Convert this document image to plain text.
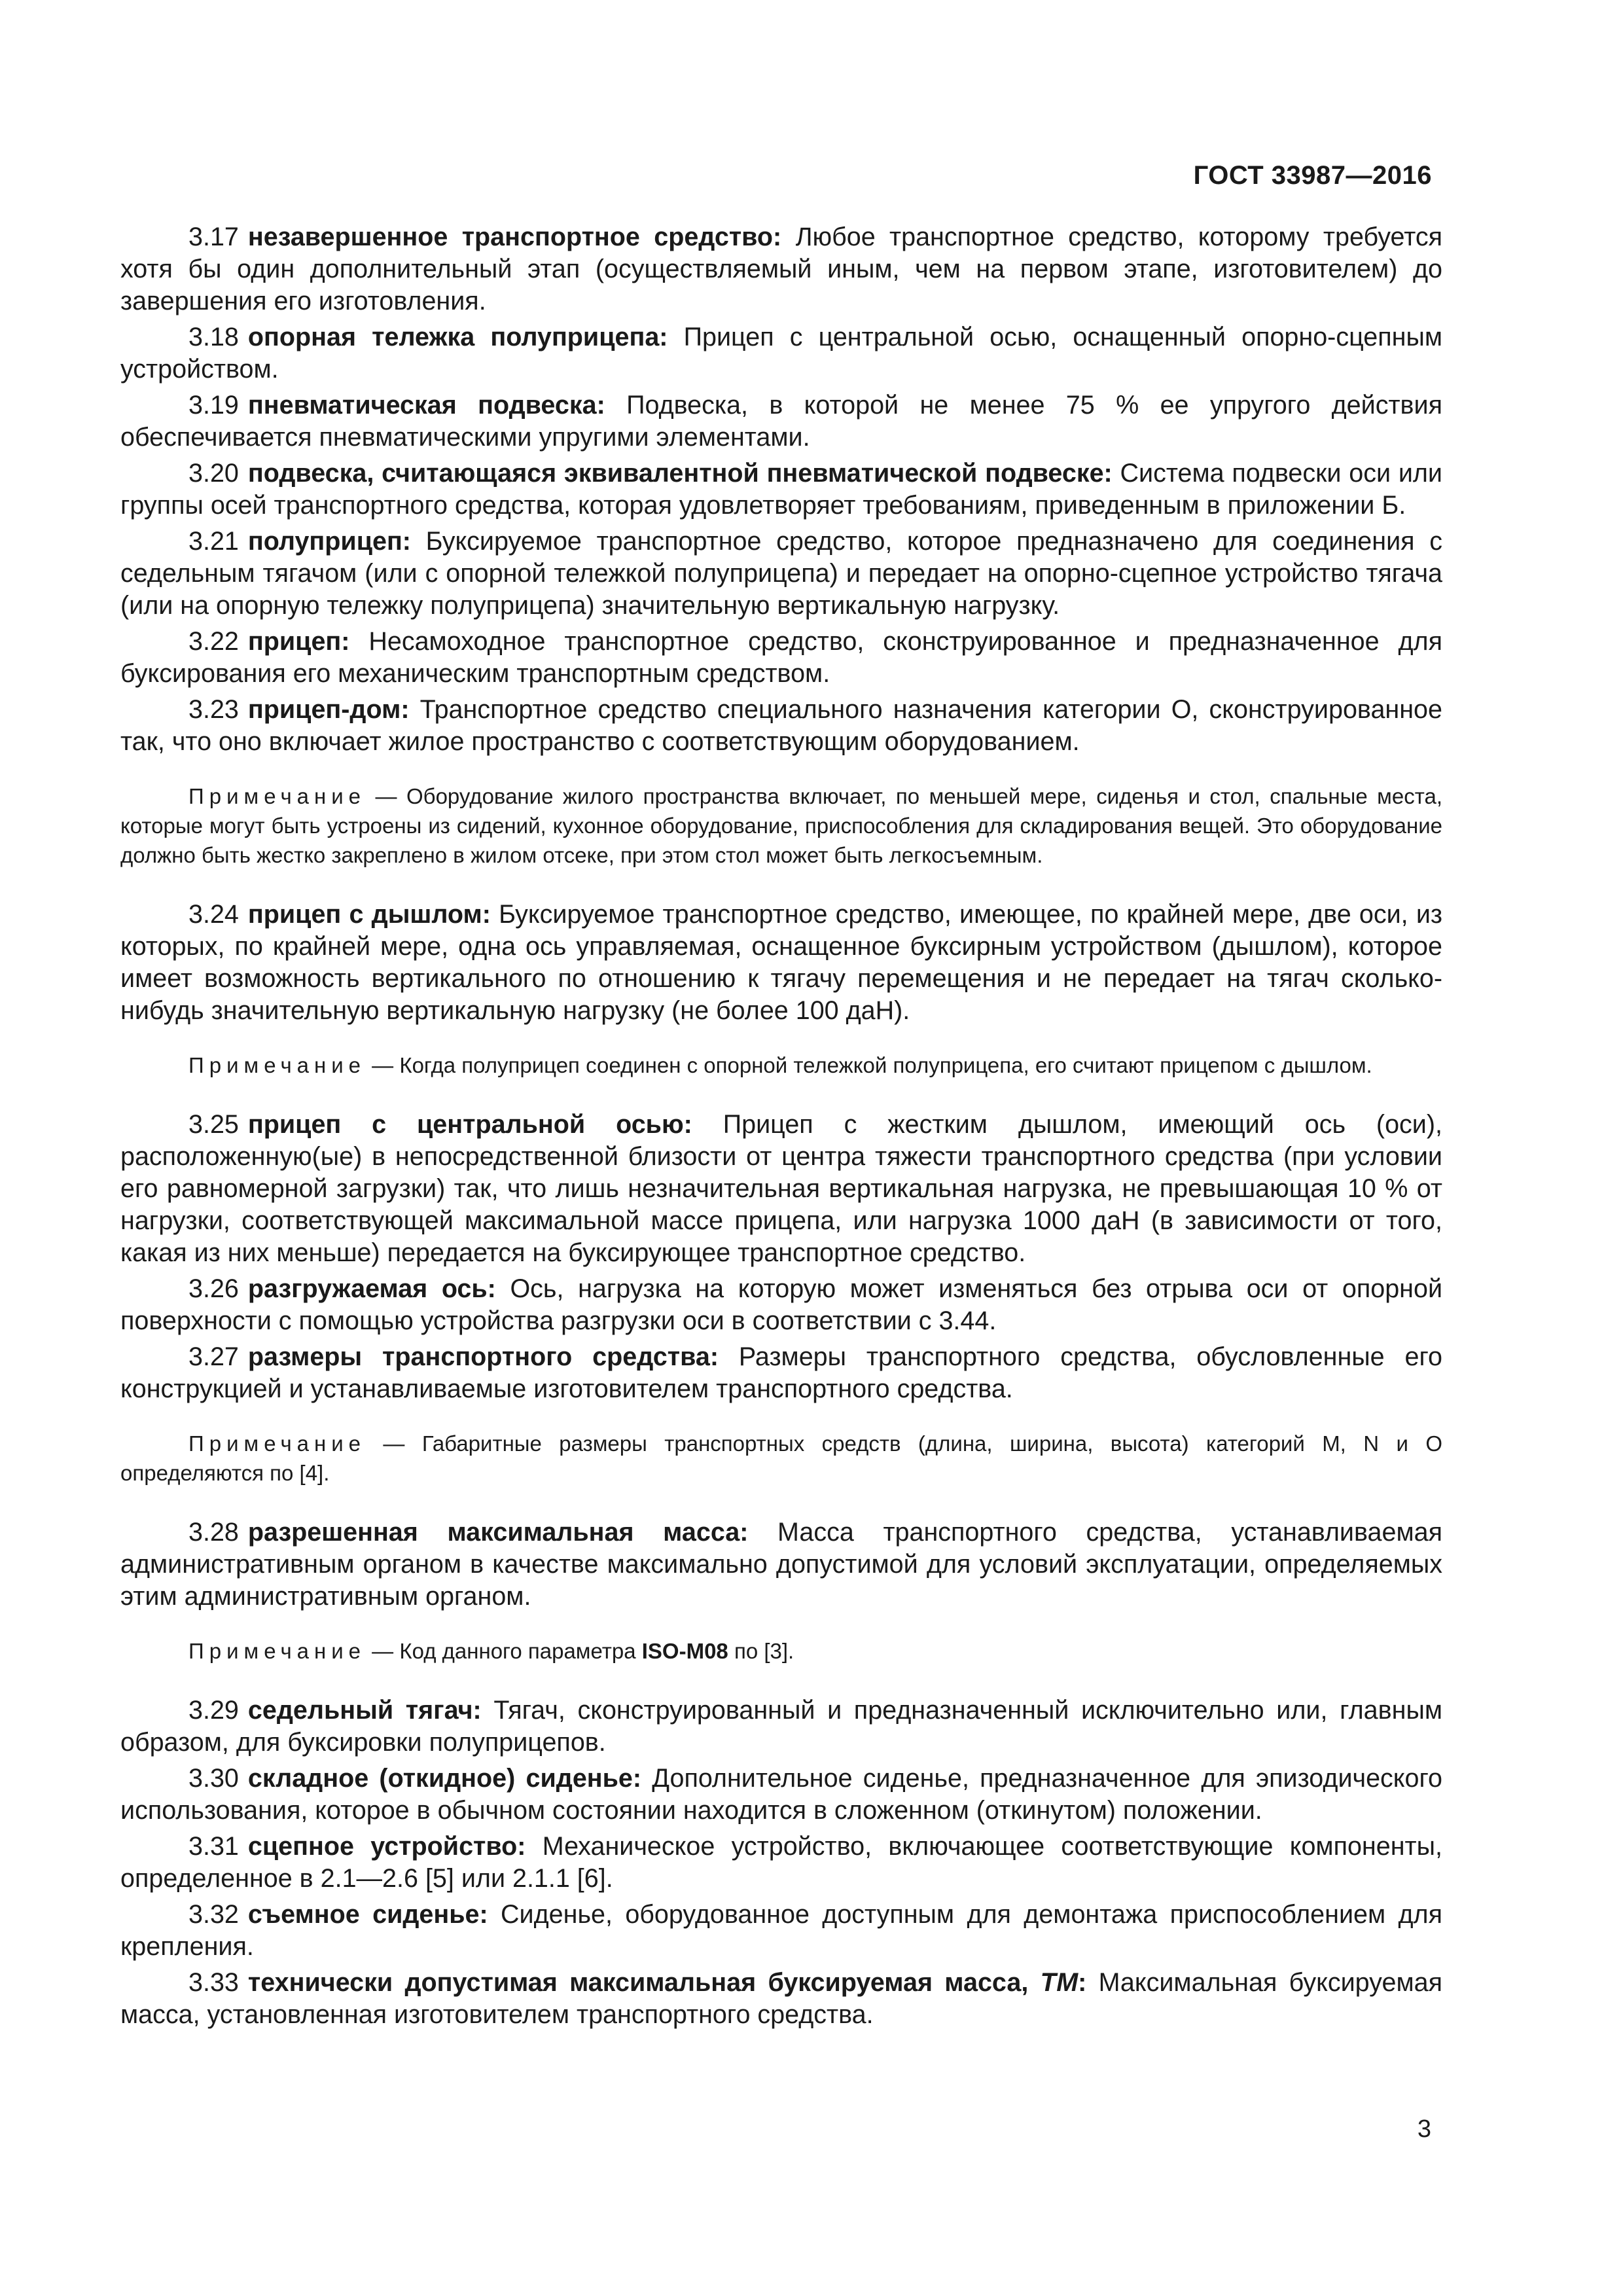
ГОСТ 33987—2016

3.17 незавершенное транспортное средство: Любое транспортное средство, которому требуется хотя бы один дополнительный этап (осуществляемый иным, чем на первом этапе, изготовителем) до завершения его изготовления.

3.18 опорная тележка полуприцепа: Прицеп с центральной осью, оснащенный опорно-сцепным устройством.

3.19 пневматическая подвеска: Подвеска, в которой не менее 75 % ее упругого действия обеспечивается пневматическими упругими элементами.

3.20 подвеска, считающаяся эквивалентной пневматической подвеске: Система подвески оси или группы осей транспортного средства, которая удовлетворяет требованиям, приведенным в приложении Б.

3.21 полуприцеп: Буксируемое транспортное средство, которое предназначено для соединения с седельным тягачом (или с опорной тележкой полуприцепа) и передает на опорно-сцепное устройство тягача (или на опорную тележку полуприцепа) значительную вертикальную нагрузку.

3.22 прицеп: Несамоходное транспортное средство, сконструированное и предназначенное для буксирования его механическим транспортным средством.

3.23 прицеп-дом: Транспортное средство специального назначения категории О, сконструированное так, что оно включает жилое пространство с соответствующим оборудованием.

Примечание — Оборудование жилого пространства включает, по меньшей мере, сиденья и стол, спальные места, которые могут быть устроены из сидений, кухонное оборудование, приспособления для складирования вещей. Это оборудование должно быть жестко закреплено в жилом отсеке, при этом стол может быть легкосъемным.

3.24 прицеп с дышлом: Буксируемое транспортное средство, имеющее, по крайней мере, две оси, из которых, по крайней мере, одна ось управляемая, оснащенное буксирным устройством (дышлом), которое имеет возможность вертикального по отношению к тягачу перемещения и не передает на тягач сколько-нибудь значительную вертикальную нагрузку (не более 100 даН).

Примечание — Когда полуприцеп соединен с опорной тележкой полуприцепа, его считают прицепом с дышлом.

3.25 прицеп с центральной осью: Прицеп с жестким дышлом, имеющий ось (оси), расположенную(ые) в непосредственной близости от центра тяжести транспортного средства (при условии его равномерной загрузки) так, что лишь незначительная вертикальная нагрузка, не превышающая 10 % от нагрузки, соответствующей максимальной массе прицепа, или нагрузка 1000 даН (в зависимости от того, какая из них меньше) передается на буксирующее транспортное средство.

3.26 разгружаемая ось: Ось, нагрузка на которую может изменяться без отрыва оси от опорной поверхности с помощью устройства разгрузки оси в соответствии с 3.44.

3.27 размеры транспортного средства: Размеры транспортного средства, обусловленные его конструкцией и устанавливаемые изготовителем транспортного средства.

Примечание — Габаритные размеры транспортных средств (длина, ширина, высота) категорий М, N и О определяются по [4].

3.28 разрешенная максимальная масса: Масса транспортного средства, устанавливаемая административным органом в качестве максимально допустимой для условий эксплуатации, определяемых этим административным органом.

Примечание — Код данного параметра ISO-M08 по [3].

3.29 седельный тягач: Тягач, сконструированный и предназначенный исключительно или, главным образом, для буксировки полуприцепов.

3.30 складное (откидное) сиденье: Дополнительное сиденье, предназначенное для эпизодического использования, которое в обычном состоянии находится в сложенном (откинутом) положении.

3.31 сцепное устройство: Механическое устройство, включающее соответствующие компоненты, определенное в 2.1—2.6 [5] или 2.1.1 [6].

3.32 съемное сиденье: Сиденье, оборудованное доступным для демонтажа приспособлением для крепления.

3.33 технически допустимая максимальная буксируемая масса, ТМ: Максимальная буксируемая масса, установленная изготовителем транспортного средства.

3
